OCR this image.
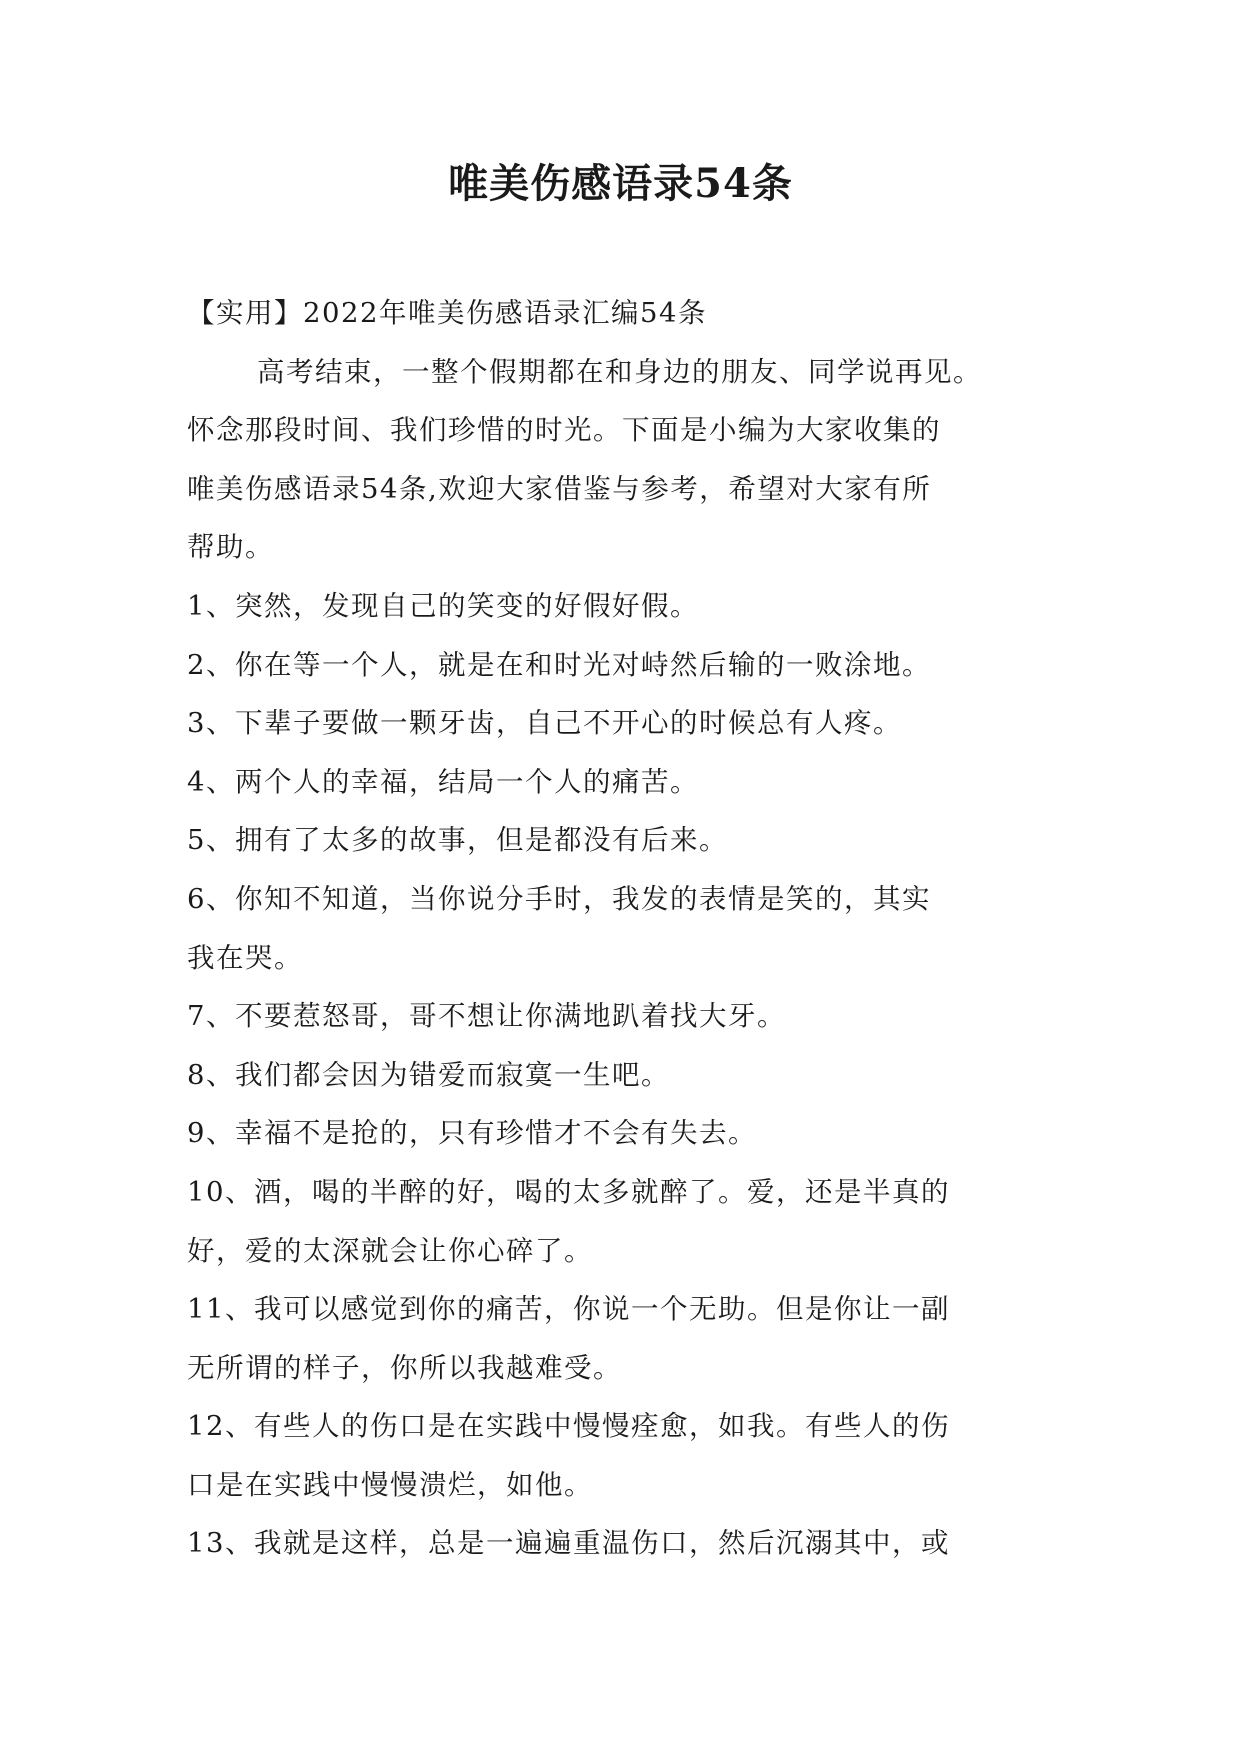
唯美伤感语录54条
【实用】2022年唯美伤感语录汇编54条
高考结束，一整个假期都在和身边的朋友、同学说再见。
怀念那段时间、我们珍惜的时光。下面是小编为大家收集的
唯美伤感语录54条,欢迎大家借鉴与参考，希望对大家有所
帮助。
1、突然，发现自己的笑变的好假好假。
2、你在等一个人，就是在和时光对峙然后输的一败涂地。
3、下辈子要做一颗牙齿，自己不开心的时候总有人疼。
4、两个人的幸福，结局一个人的痛苦。
5、拥有了太多的故事，但是都没有后来。
6、你知不知道，当你说分手时，我发的表情是笑的，其实
我在哭。
7、不要惹怒哥，哥不想让你满地趴着找大牙。
8、我们都会因为错爱而寂寞一生吧。
9、幸福不是抢的，只有珍惜才不会有失去。
10、酒，喝的半醉的好，喝的太多就醉了。爱，还是半真的
好，爱的太深就会让你心碎了。
11、我可以感觉到你的痛苦，你说一个无助。但是你让一副
无所谓的样子，你所以我越难受。
12、有些人的伤口是在实践中慢慢痊愈，如我。有些人的伤
口是在实践中慢慢溃烂，如他。
13、我就是这样，总是一遍遍重温伤口，然后沉溺其中，或
